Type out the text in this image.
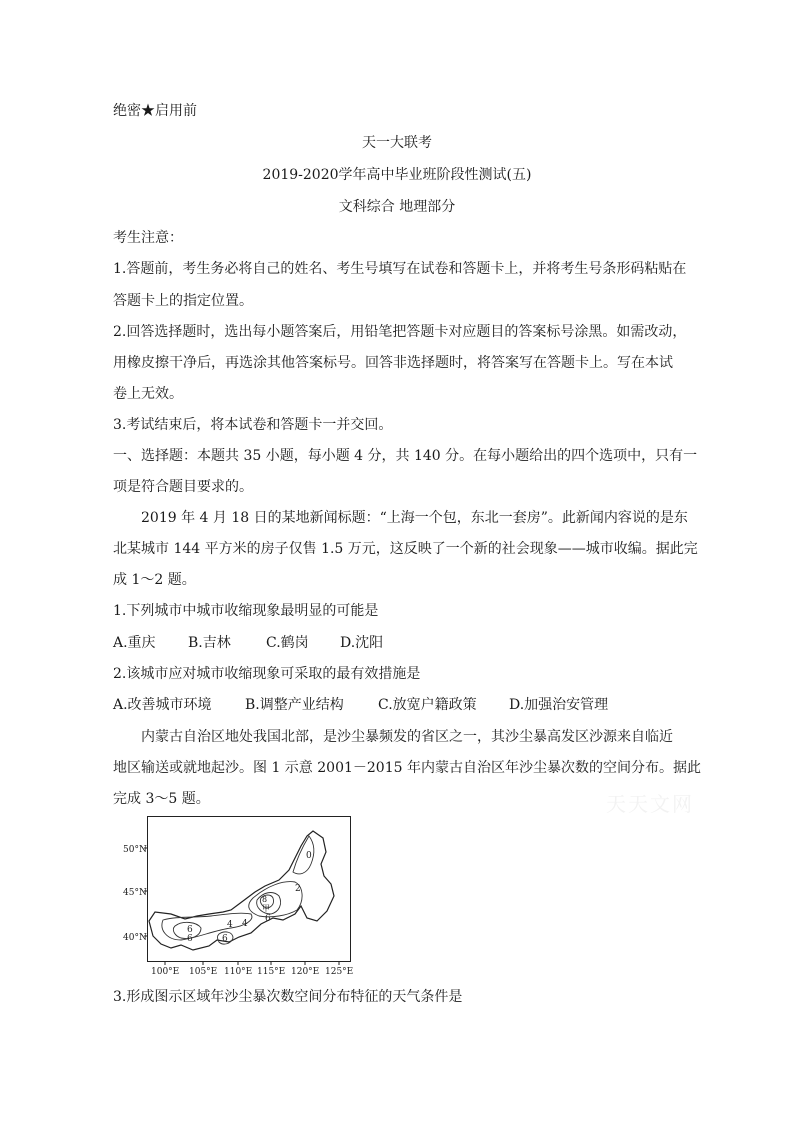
绝密★启用前
天一大联考
2019-2020学年高中毕业班阶段性测试(五)
文科综合 地理部分
考生注意：
1.答题前，考生务必将自己的姓名、考生号填写在试卷和答题卡上，并将考生号条形码粘贴在
答题卡上的指定位置。
2.回答选择题时，选出每小题答案后，用铅笔把答题卡对应题目的答案标号涂黑。如需改动，
用橡皮擦干净后，再选涂其他答案标号。回答非选择题时，将答案写在答题卡上。写在本试
卷上无效。
3.考试结束后，将本试卷和答题卡一并交回。
一、选择题：本题共 35 小题，每小题 4 分，共 140 分。在每小题给出的四个选项中，只有一
项是符合题目要求的。
2019 年 4 月 18 日的某地新闻标题：“上海一个包，东北一套房”。此新闻内容说的是东
北某城市 144 平方米的房子仅售 1.5 万元，这反映了一个新的社会现象——城市收编。据此完
成 1～2 题。
1.下列城市中城市收缩现象最明显的可能是
A.重庆 B.吉林	C.鹤岗 D.沈阳
2.该城市应对城市收缩现象可采取的最有效措施是
A.改善城市环境 B.调整产业结构 C.放宽户籍政策 D.加强治安管理
内蒙古自治区地处我国北部，是沙尘暴频发的省区之一，其沙尘暴高发区沙源来自临近
地区输送或就地起沙。图 1 示意 2001－2015 年内蒙古自治区年沙尘暴次数的空间分布。据此
完成 3～5 题。	天天文网
50°N
45°N
40°N
100°E 105°E 110°E 115°E 120°E 125°E
0
2
8
甲
6
4
6
6	6
4
3.形成图示区域年沙尘暴次数空间分布特征的天气条件是
